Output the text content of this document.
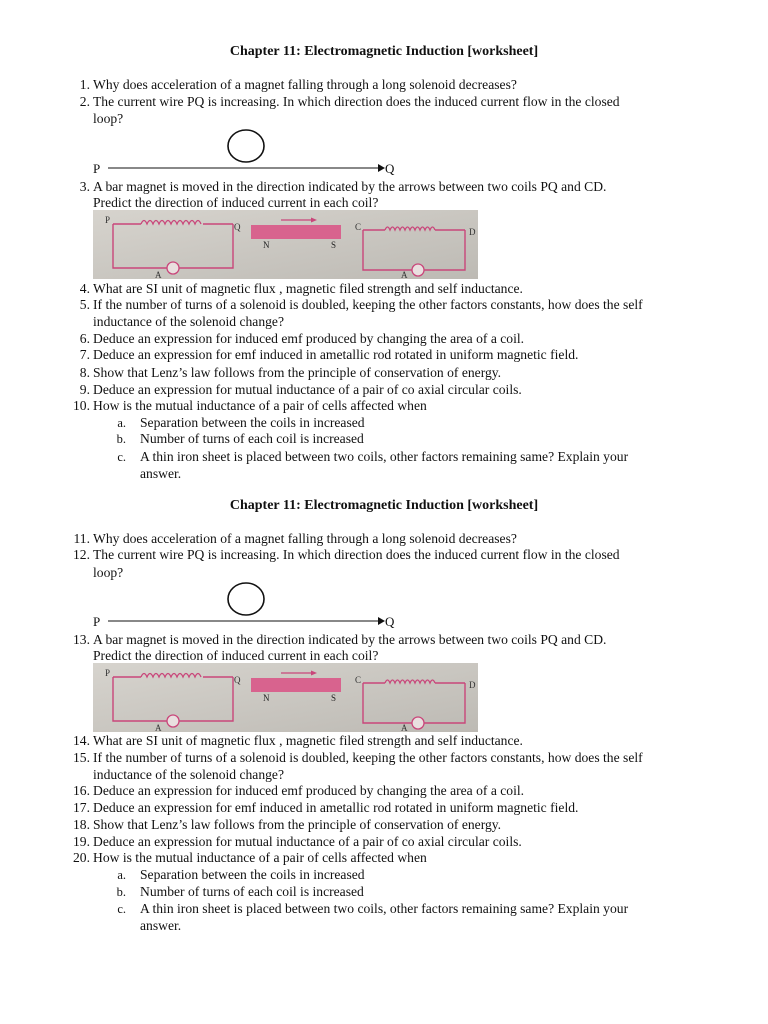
Chapter 11: Electromagnetic Induction [worksheet]
1. Why does acceleration of a magnet falling through a long solenoid decreases?
2. The current wire PQ is increasing. In which direction does the induced current flow in the closed
loop?
P	Q
3. A bar magnet is moved in the direction indicated by the arrows between two coils PQ and CD.
Predict the direction of induced current in each coil?
P
Q
A
N	S
C	D
A
4. What are SI unit of magnetic flux , magnetic filed strength and self inductance.
5. If the number of turns of a solenoid is doubled, keeping the other factors constants, how does the self
inductance of the solenoid change?
6. Deduce an expression for induced emf produced by changing the area of a coil.
7. Deduce an expression for emf induced in ametallic rod rotated in uniform magnetic field.
8. Show that Lenz’s law follows from the principle of conservation of energy.
9. Deduce an expression for mutual inductance of a pair of co axial circular coils.
10. How is the mutual inductance of a pair of cells affected when
a. Separation between the coils in increased
b. Number of turns of each coil is increased
c. A thin iron sheet is placed between two coils, other factors remaining same? Explain your
answer.
Chapter 11: Electromagnetic Induction [worksheet]
11. Why does acceleration of a magnet falling through a long solenoid decreases?
12. The current wire PQ is increasing. In which direction does the induced current flow in the closed
loop?
P	Q
13. A bar magnet is moved in the direction indicated by the arrows between two coils PQ and CD.
Predict the direction of induced current in each coil?
P
Q
A
N	S
C	D
A
14. What are SI unit of magnetic flux , magnetic filed strength and self inductance.
15. If the number of turns of a solenoid is doubled, keeping the other factors constants, how does the self
inductance of the solenoid change?
16. Deduce an expression for induced emf produced by changing the area of a coil.
17. Deduce an expression for emf induced in ametallic rod rotated in uniform magnetic field.
18. Show that Lenz’s law follows from the principle of conservation of energy.
19. Deduce an expression for mutual inductance of a pair of co axial circular coils.
20. How is the mutual inductance of a pair of cells affected when
a. Separation between the coils in increased
b. Number of turns of each coil is increased
c. A thin iron sheet is placed between two coils, other factors remaining same? Explain your
answer.
